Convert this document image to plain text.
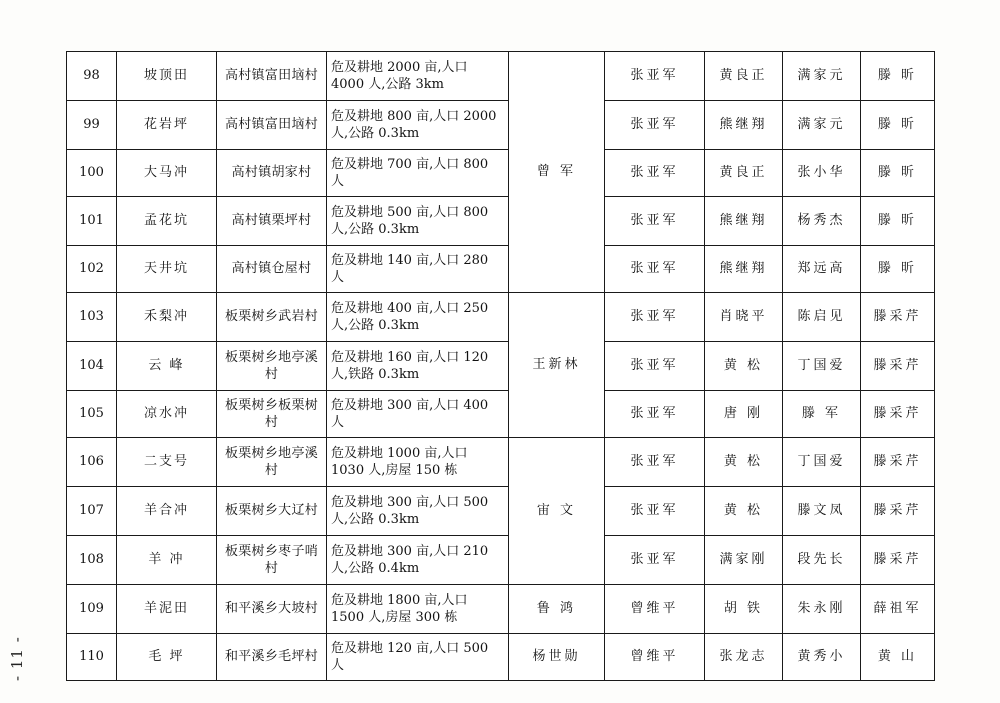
98	坡顶田	高村镇富田垴村	危及耕地 2000 亩,人口 4000 人,公路 3km	曾 军	张亚军	黄良正	满家元	滕 昕
99	花岩坪	高村镇富田垴村	危及耕地 800 亩,人口 2000 人,公路 0.3km		张亚军	熊继翔	满家元	滕 昕
100	大马冲	高村镇胡家村	危及耕地 700 亩,人口 800 人		张亚军	黄良正	张小华	滕 昕
101	孟花坑	高村镇栗坪村	危及耕地 500 亩,人口 800 人,公路 0.3km		张亚军	熊继翔	杨秀杰	滕 昕
102	天井坑	高村镇仓屋村	危及耕地 140 亩,人口 280 人		张亚军	熊继翔	郑远高	滕 昕
103	禾梨冲	板栗树乡武岩村	危及耕地 400 亩,人口 250 人,公路 0.3km	王新林	张亚军	肖晓平	陈启见	滕采芹
104	云 峰	板栗树乡地亭溪村	危及耕地 160 亩,人口 120 人,铁路 0.3km		张亚军	黄 松	丁国爱	滕采芹
105	凉水冲	板栗树乡板栗树村	危及耕地 300 亩,人口 400 人		张亚军	唐 刚	滕 军	滕采芹
106	二支号	板栗树乡地亭溪村	危及耕地 1000 亩,人口 1030 人,房屋 150 栋	宙 文	张亚军	黄 松	丁国爱	滕采芹
107	羊合冲	板栗树乡大辽村	危及耕地 300 亩,人口 500 人,公路 0.3km		张亚军	黄 松	滕文凤	滕采芹
108	羊 冲	板栗树乡枣子哨村	危及耕地 300 亩,人口 210 人,公路 0.4km		张亚军	满家刚	段先长	滕采芹
109	羊泥田	和平溪乡大坡村	危及耕地 1800 亩,人口 1500 人,房屋 300 栋	鲁 鸿	曾维平	胡 铁	朱永刚	薛祖军
110	毛 坪	和平溪乡毛坪村	危及耕地 120 亩,人口 500 人	杨世勋	曾维平	张龙志	黄秀小	黄 山
- 11 -
